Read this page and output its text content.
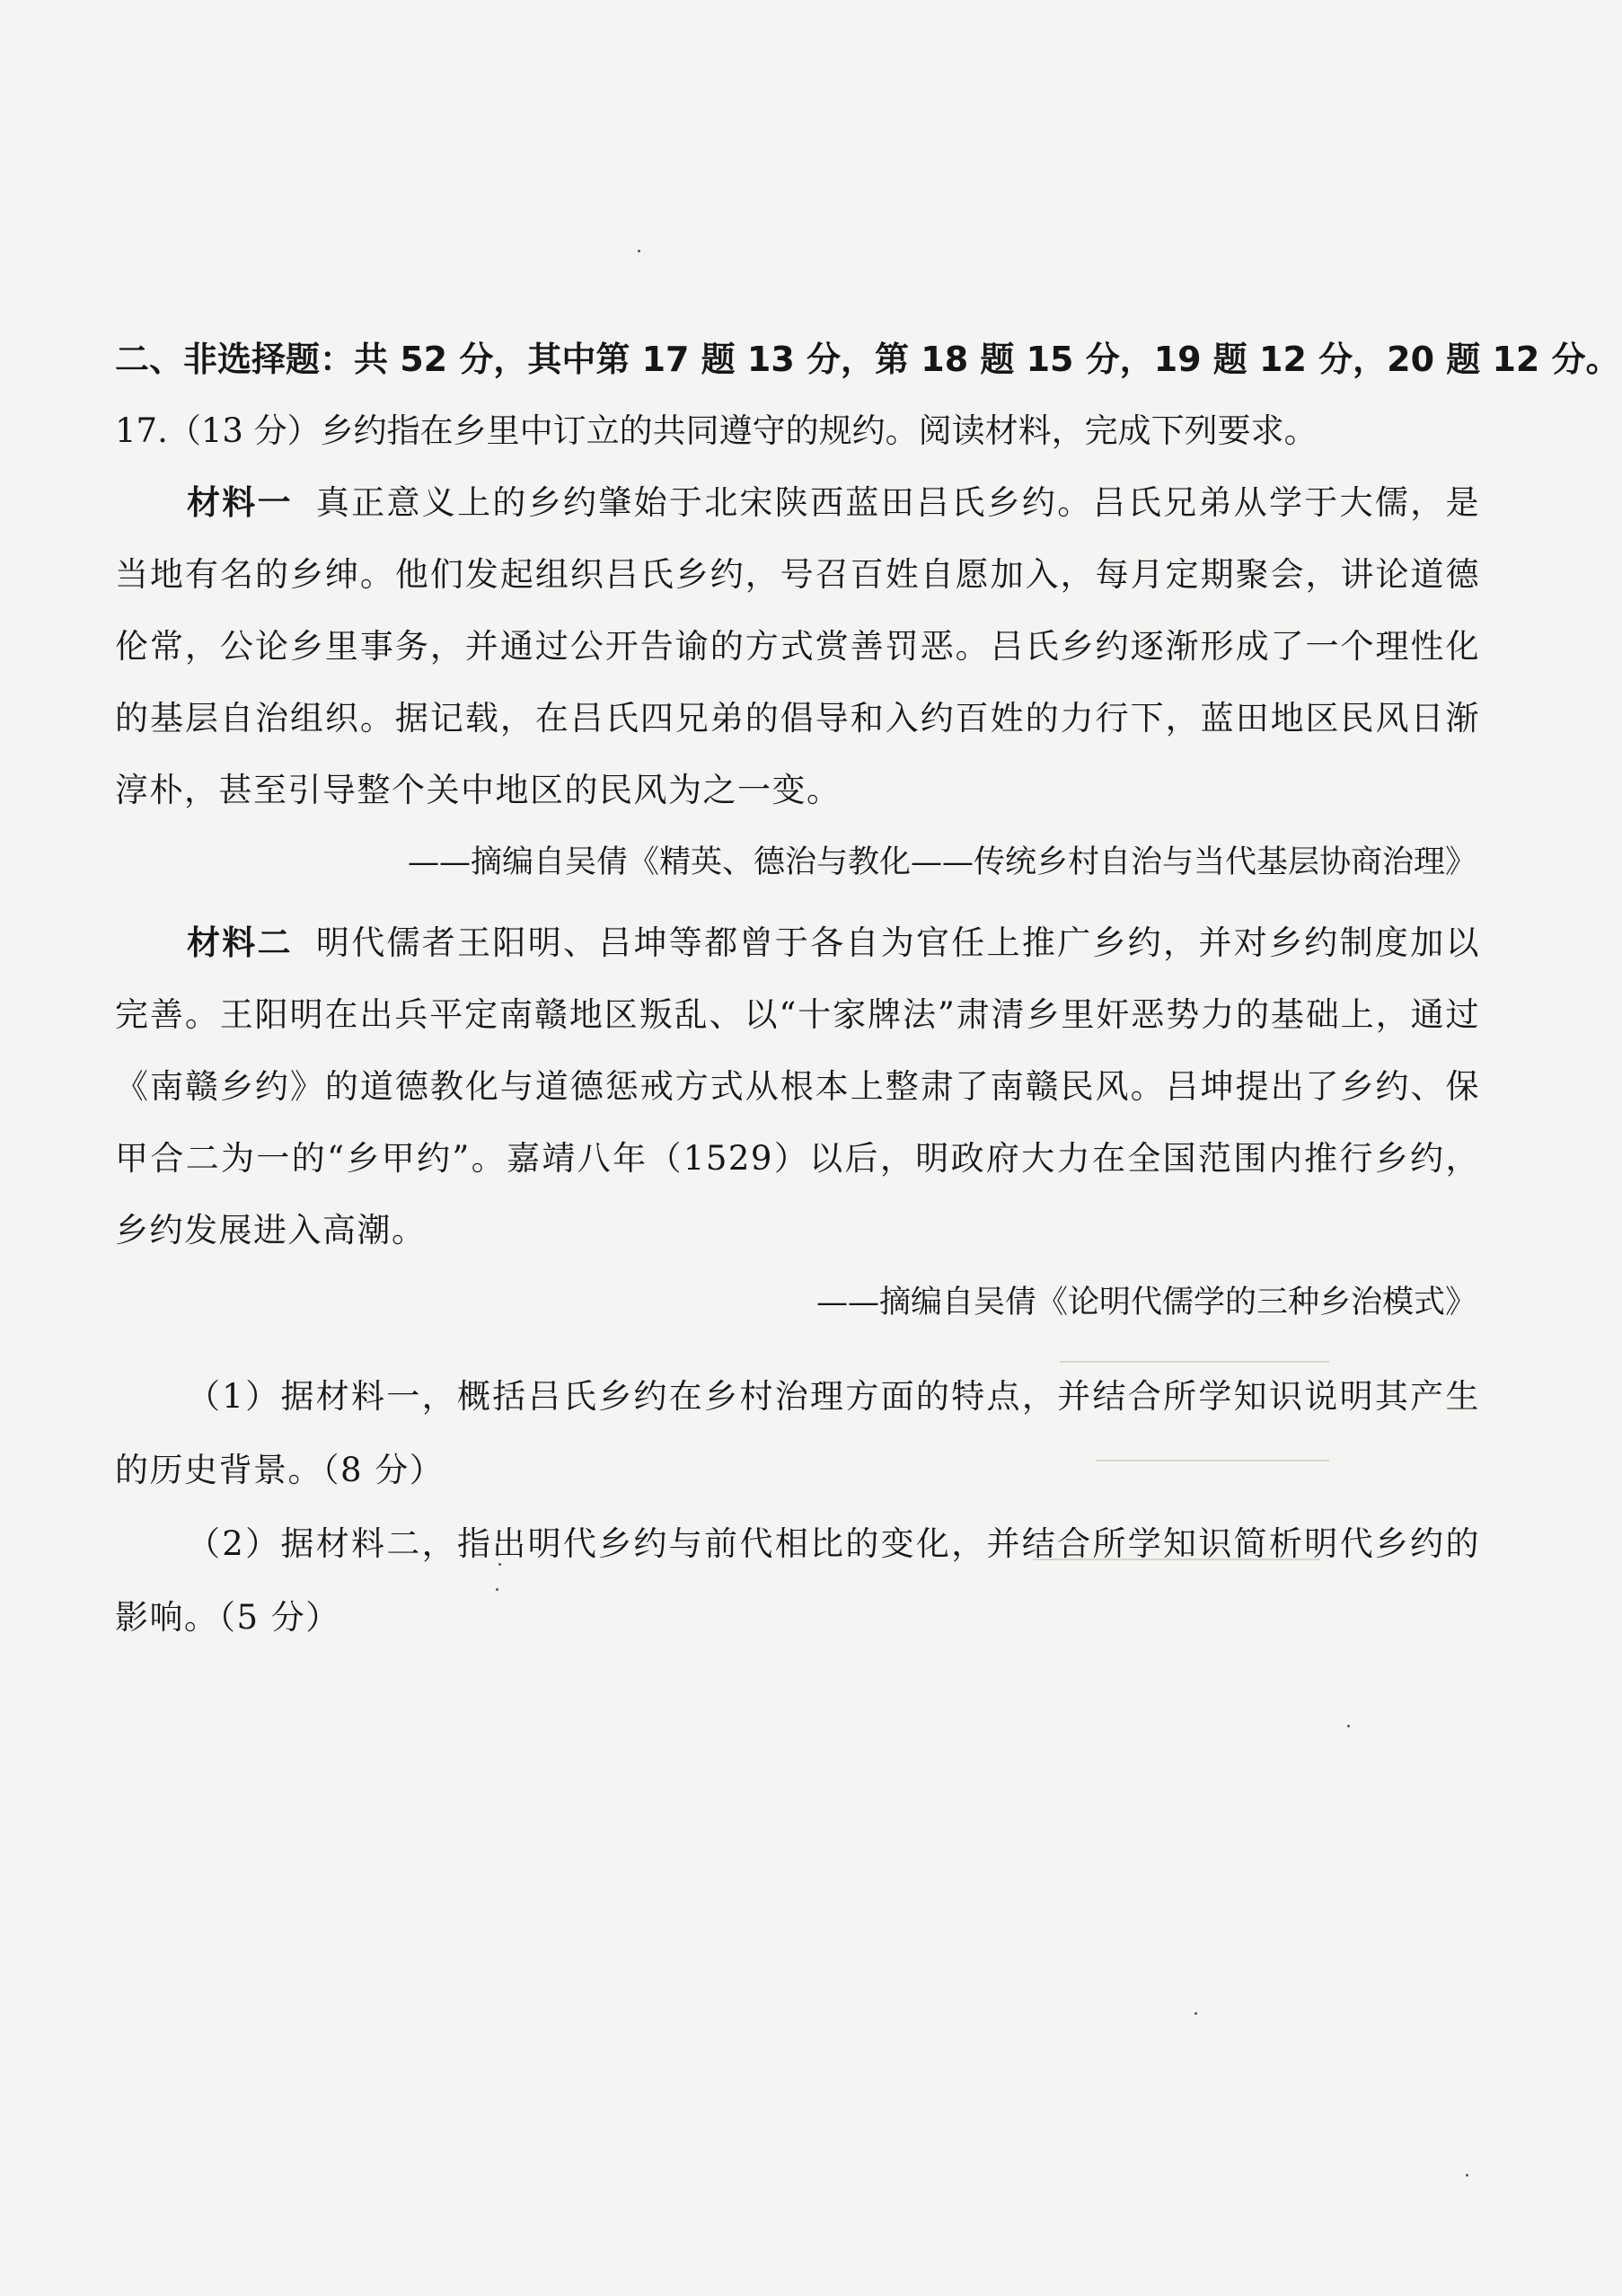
二、非选择题：共 52 分，其中第 17 题 13 分，第 18 题 15 分，19 题 12 分，20 题 12 分。
17.（13 分）乡约指在乡里中订立的共同遵守的规约。阅读材料，完成下列要求。

材料一 真正意义上的乡约肇始于北宋陕西蓝田吕氏乡约。吕氏兄弟从学于大儒，是当地有名的乡绅。他们发起组织吕氏乡约，号召百姓自愿加入，每月定期聚会，讲论道德伦常，公论乡里事务，并通过公开告谕的方式赏善罚恶。吕氏乡约逐渐形成了一个理性化的基层自治组织。据记载，在吕氏四兄弟的倡导和入约百姓的力行下，蓝田地区民风日渐淳朴，甚至引导整个关中地区的民风为之一变。

——摘编自吴倩《精英、德治与教化——传统乡村自治与当代基层协商治理》

材料二 明代儒者王阳明、吕坤等都曾于各自为官任上推广乡约，并对乡约制度加以完善。王阳明在出兵平定南赣地区叛乱、以“十家牌法”肃清乡里奸恶势力的基础上，通过《南赣乡约》的道德教化与道德惩戒方式从根本上整肃了南赣民风。吕坤提出了乡约、保甲合二为一的“乡甲约”。嘉靖八年（1529）以后，明政府大力在全国范围内推行乡约，乡约发展进入高潮。

——摘编自吴倩《论明代儒学的三种乡治模式》

（1）据材料一，概括吕氏乡约在乡村治理方面的特点，并结合所学知识说明其产生的历史背景。（8 分）

（2）据材料二，指出明代乡约与前代相比的变化，并结合所学知识简析明代乡约的影响。（5 分）
